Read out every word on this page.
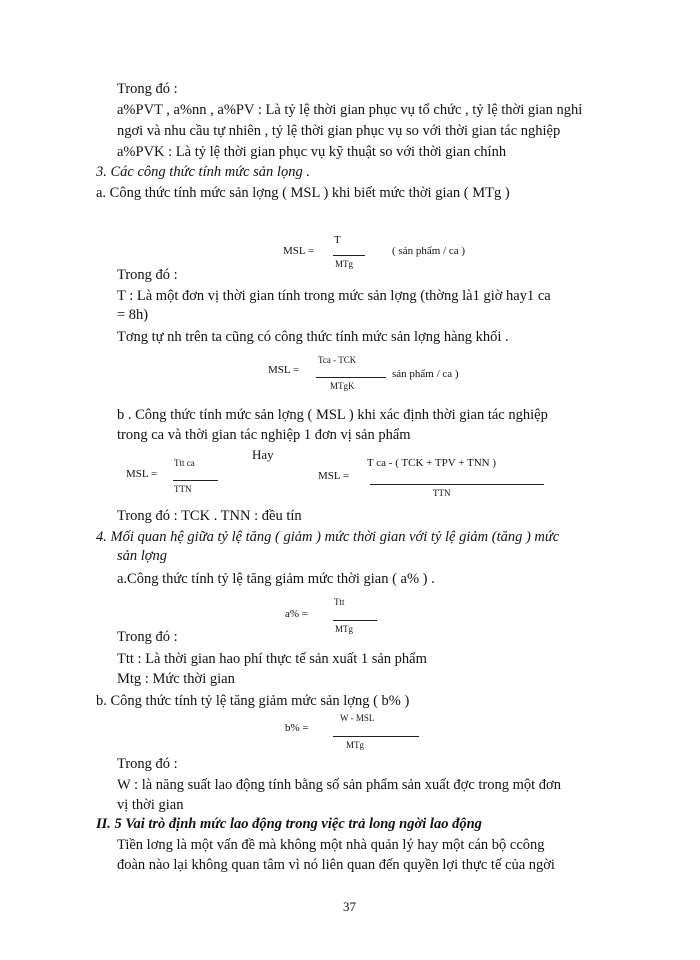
Trong đó :
a%PVT , a%nn , a%PV : Là tỷ lệ thời gian phục vụ tổ chức , tỷ lệ thời gian nghỉ
ngơi và nhu cầu tự nhiên , tỷ lệ thời gian phục vụ so với thời gian tác nghiệp
a%PVK : Là tỷ lệ thời gian phục vụ kỹ thuật so với thời gian chính
3. Các công thức tính mức sản lọng .
a. Công thức tính mức sản lợng ( MSL ) khi biết mức thời gian ( MTg )
MSL =
T
MTg
( sản phẩm / ca )
Trong đó :
T : Là một đơn vị thời gian tính trong mức sản lợng (thờng là1 giờ hay1 ca
= 8h)
Tơng tự nh trên ta cũng có công thức tính mức sản lợng hàng khối .
MSL =
Tca - TCK
MTgK
sản phẩm / ca )
b . Công thức tính mức sản lợng ( MSL ) khi xác định thời gian tác nghiệp
trong ca và thời gian tác nghiệp 1 đơn vị sản phẩm
MSL =
Ttt ca
TTN
Hay
MSL =
T ca - ( TCK + TPV + TNN )
TTN
Trong đó : TCK . TNN : đều tín
4. Mối quan hệ giữa tỷ lệ tăng ( giảm ) mức thời gian với tỷ lệ giảm (tăng ) mức
sản lợng
a.Công thức tính tỷ lệ tăng giảm mức thời gian ( a% ) .
a% =
Ttt
MTg
Trong đó :
Ttt : Là thời gian hao phí thực tế sản xuất 1 sản phẩm
Mtg : Mức thời gian
b. Công thức tính tỷ lệ tăng giảm mức sản lợng ( b% )
b% =
W - MSL
MTg
Trong đó :
W : là năng suất lao động tính bằng số sản phẩm sản xuất đợc trong một đơn
vị thời gian
II. 5 Vai trò định mức lao động trong việc trả long ngời lao động
Tiền lơng là một vấn đề mà không một nhà quản lý hay một cán bộ ccông
đoàn nào lại không quan tâm vì nó liên quan đến quyền lợi thực tế của ngời
37
